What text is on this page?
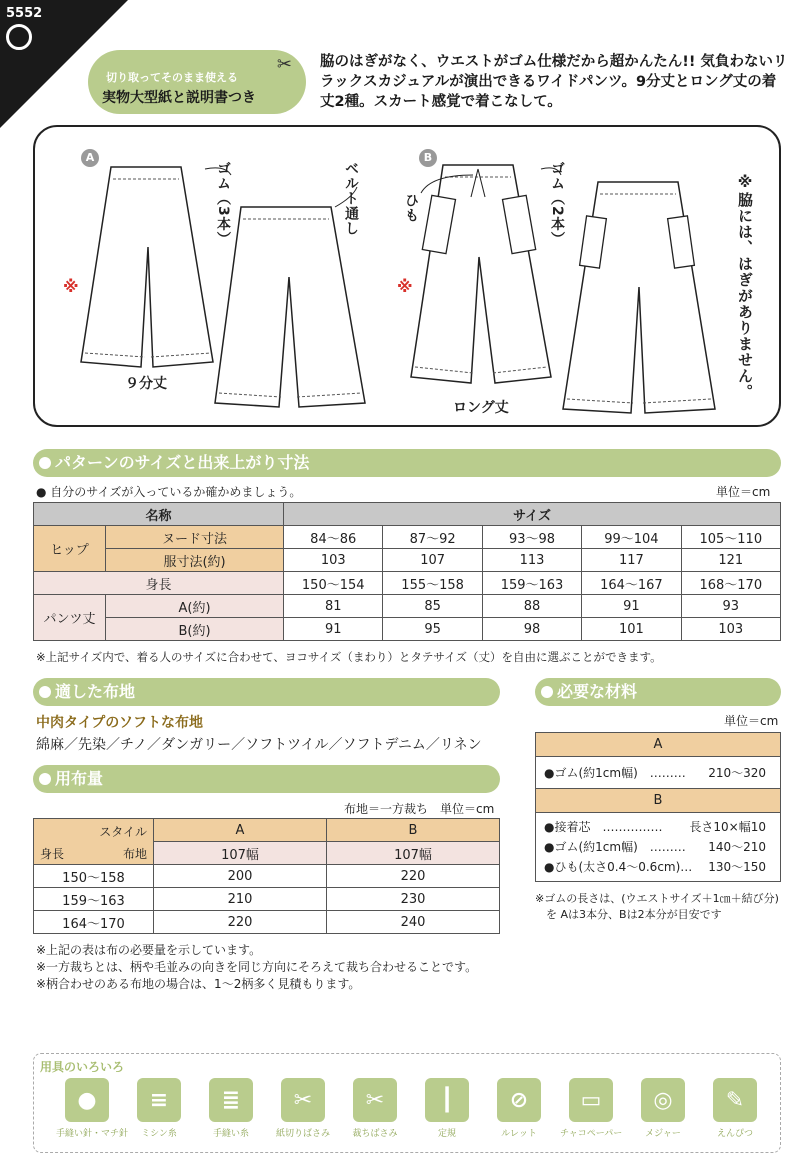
5552
切り取ってそのまま使える
実物大型紙と説明書つき
✂ 脇のはぎがなく、ウエストがゴム仕様だから超かんたん!! 気負わないリラックスカジュアルが演出できるワイドパンツ。9分丈とロング丈の着丈2種。スカート感覚で着こなして。
A	B
ゴム（3本）	ベルト通し	ひも	ゴム（2本）
※	※
９分丈
ロング丈
※脇には、はぎがありません。
パターンのサイズと出来上がり寸法
● 自分のサイズが入っているか確かめましょう。	単位＝cm
名称		サイズ				
ヒップ	ヌード寸法	84〜86	87〜92	93〜98	99〜104	105〜110
	服寸法(約)	103	107	113	117	121
身長		150〜154	155〜158	159〜163	164〜167	168〜170
パンツ丈	A(約)	81	85	88	91	93
	B(約)	91	95	98	101	103
※上記サイズ内で、着る人のサイズに合わせて、ヨコサイズ（まわり）とタテサイズ（丈）を自由に選ぶことができます。
適した布地
中肉タイプのソフトな布地
綿麻／先染／チノ／ダンガリー／ソフトツイル／ソフトデニム／リネン
用布量
布地＝一方裁ち　単位＝cm
スタイル
布地
身長	A	B
	107幅	107幅
150〜158	200	220
159〜163	210	230
164〜170	220	240
※上記の表は布の必要量を示しています。
※一方裁ちとは、柄や毛並みの向きを同じ方向にそろえて裁ち合わせることです。
※柄合わせのある布地の場合は、1〜2柄多く見積もります。
必要な材料
単位＝cm
A
●ゴム(約1cm幅)　……… 210〜320
B
●接着芯　…………… 長さ10×幅10
●ゴム(約1cm幅)　……… 140〜210
●ひも(太さ0.4〜0.6cm)… 130〜150
※ゴムの長さは、(ウエストサイズ＋1㎝＋結び分)
を Aは3本分、Bは2本分が目安です
用具のいろいろ
●
手縫い針・マチ針
≡
ミシン糸
≣
手縫い糸
✂
紙切りばさみ
✂
裁ちばさみ
┃
定規
⊘
ルレット
▭
チャコペーパー
◎
メジャー
✎
えんぴつ
